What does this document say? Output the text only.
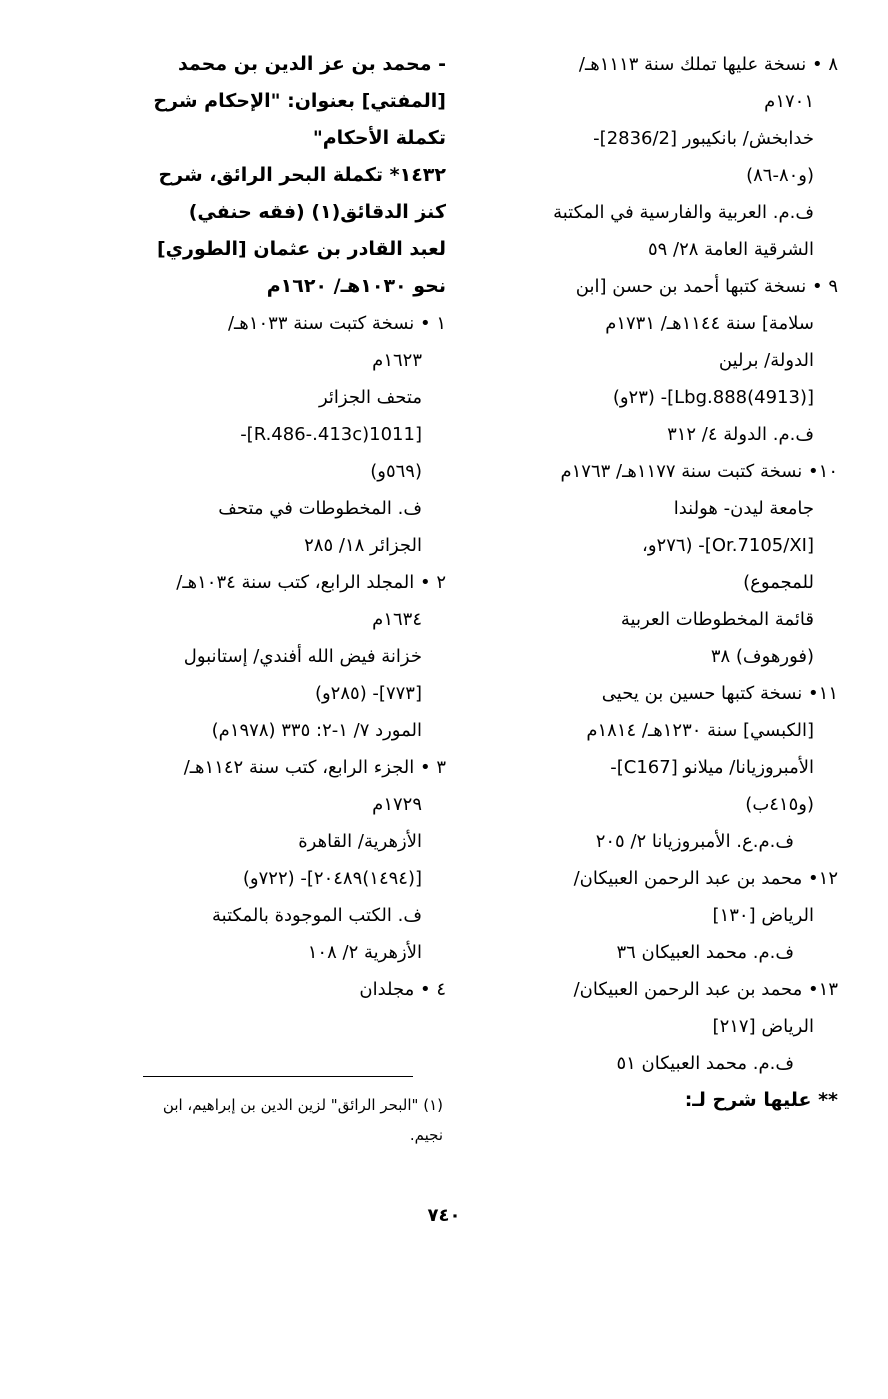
٨ • نسخة عليها تملك سنة ١١١٣هـ/
١٧٠١م
خدابخش/ بانكيبور [2836/2]-
(و٨٠-٨٦)
ف.م. العربية والفارسية في المكتبة
الشرقية العامة ٢٨/ ٥٩
٩ • نسخة كتبها أحمد بن حسن [ابن
سلامة] سنة ١١٤٤هـ/ ١٧٣١م
الدولة/ برلين
[Lbg.888(4913)]- (٢٣و)
ف.م. الدولة ٤/ ٣١٢
١٠• نسخة كتبت سنة ١١٧٧هـ/ ١٧٦٣م
جامعة ليدن- هولندا
[Or.7105/XI]- (٢٧٦و،
للمجموع)
قائمة المخطوطات العربية
(فورهوف) ٣٨
١١• نسخة كتبها حسين بن يحيى
[الكبسي] سنة ١٢٣٠هـ/ ١٨١٤م
الأمبروزيانا/ ميلانو [C167]-
(و٤١٥ب)
ف.م.ع. الأمبروزيانا ٢/ ٢٠٥
١٢• محمد بن عبد الرحمن العبيكان/
الرياض [١٣٠]
ف.م. محمد العبيكان ٣٦
١٣• محمد بن عبد الرحمن العبيكان/
الرياض [٢١٧]
ف.م. محمد العبيكان ٥١
** عليها شرح لـ:
- محمد بن عز الدين بن محمد
[المفتي] بعنوان: "الإحكام شرح
تكملة الأحكام"
١٤٣٢* تكملة البحر الرائق، شرح
كنز الدقائق(١) (فقه حنفي)
لعبد القادر بن عثمان [الطوري]
نحو ١٠٣٠هـ/ ١٦٢٠م
١ • نسخة كتبت سنة ١٠٣٣هـ/
١٦٢٣م
متحف الجزائر
[R.486-.413c)1011]-
(٥٦٩و)
ف. المخطوطات في متحف
الجزائر ١٨/ ٢٨٥
٢ • المجلد الرابع، كتب سنة ١٠٣٤هـ/
١٦٣٤م
خزانة فيض الله أفندي/ إستانبول
[٧٧٣]- (٢٨٥و)
المورد ٧/ ١-٢: ٣٣٥ (١٩٧٨م)
٣ • الجزء الرابع، كتب سنة ١١٤٢هـ/
١٧٢٩م
الأزهرية/ القاهرة
[(١٤٩٤)٢٠٤٨٩]- (٧٢٢و)
ف. الكتب الموجودة بالمكتبة
الأزهرية ٢/ ١٠٨
٤ • مجلدان
(١) "البحر الرائق" لزين الدين بن إبراهيم، ابن
نجيم.
٧٤٠
